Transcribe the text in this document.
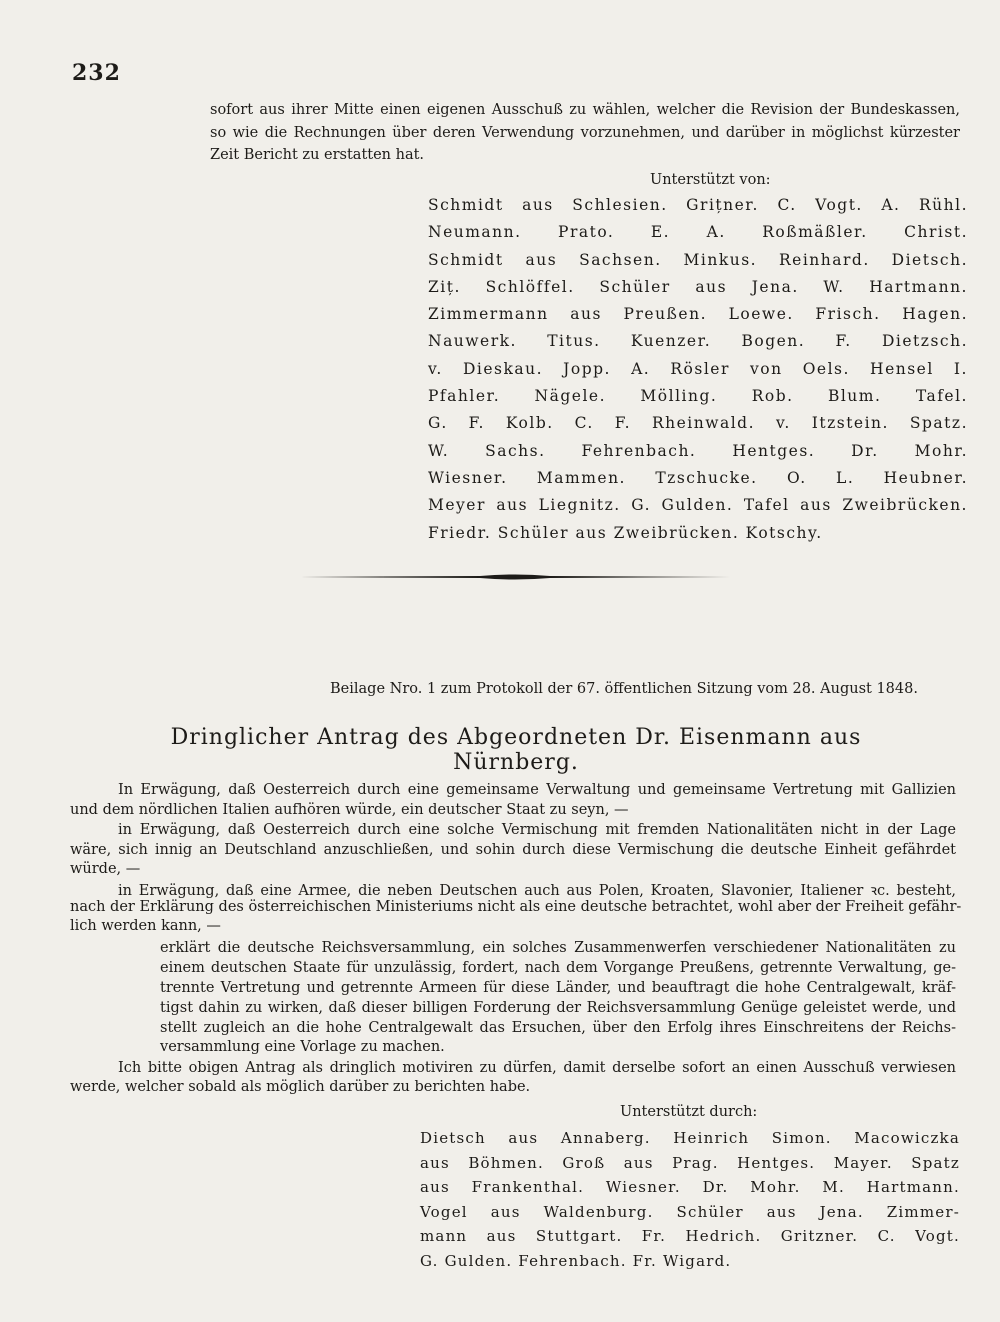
232
sofort aus ihrer Mitte einen eigenen Ausschuß zu wählen, welcher die Revision der Bundeskassen,
so wie die Rechnungen über deren Verwendung vorzunehmen, und darüber in möglichst kürzester
Zeit Bericht zu erstatten hat.
Unterstützt von:
Schmidt aus Schlesien. Grițner. C. Vogt. A. Rühl.
Neumann. Prato. E. A. Roßmäßler. Christ.
Schmidt aus Sachsen. Minkus. Reinhard. Dietsch.
Ziț. Schlöffel. Schüler aus Jena. W. Hartmann.
Zimmermann aus Preußen. Loewe. Frisch. Hagen.
Nauwerk. Titus. Kuenzer. Bogen. F. Dietzsch.
v. Dieskau. Jopp. A. Rösler von Oels. Hensel I.
Pfahler. Nägele. Mölling. Rob. Blum. Tafel.
G. F. Kolb. C. F. Rheinwald. v. Itzstein. Spatz.
W. Sachs. Fehrenbach. Hentges. Dr. Mohr.
Wiesner. Mammen. Tzschucke. O. L. Heubner.
Meyer aus Liegnitz. G. Gulden. Tafel aus Zweibrücken.
Friedr. Schüler aus Zweibrücken. Kotschy.
Beilage Nro. 1 zum Protokoll der 67. öffentlichen Sitzung vom 28. August 1848.
Dringlicher Antrag des Abgeordneten Dr. Eisenmann aus Nürnberg.
In Erwägung, daß Oesterreich durch eine gemeinsame Verwaltung und gemeinsame Vertretung mit Gallizien
und dem nördlichen Italien aufhören würde, ein deutscher Staat zu seyn, —
in Erwägung, daß Oesterreich durch eine solche Vermischung mit fremden Nationalitäten nicht in der Lage
wäre, sich innig an Deutschland anzuschließen, und sohin durch diese Vermischung die deutsche Einheit gefährdet
würde, —
in Erwägung, daß eine Armee, die neben Deutschen auch aus Polen, Kroaten, Slavonier, Italiener ꝛc. besteht,
nach der Erklärung des österreichischen Ministeriums nicht als eine deutsche betrachtet, wohl aber der Freiheit gefähr-
lich werden kann, —
erklärt die deutsche Reichsversammlung, ein solches Zusammenwerfen verschiedener Nationalitäten zu
einem deutschen Staate für unzulässig, fordert, nach dem Vorgange Preußens, getrennte Verwaltung, ge-
trennte Vertretung und getrennte Armeen für diese Länder, und beauftragt die hohe Centralgewalt, kräf-
tigst dahin zu wirken, daß dieser billigen Forderung der Reichsversammlung Genüge geleistet werde, und
stellt zugleich an die hohe Centralgewalt das Ersuchen, über den Erfolg ihres Einschreitens der Reichs-
versammlung eine Vorlage zu machen.
Ich bitte obigen Antrag als dringlich motiviren zu dürfen, damit derselbe sofort an einen Ausschuß verwiesen
werde, welcher sobald als möglich darüber zu berichten habe.
Unterstützt durch:
Dietsch aus Annaberg. Heinrich Simon. Macowiczka
aus Böhmen. Groß aus Prag. Hentges. Mayer. Spatz
aus Frankenthal. Wiesner. Dr. Mohr. M. Hartmann.
Vogel aus Waldenburg. Schüler aus Jena. Zimmer-
mann aus Stuttgart. Fr. Hedrich. Gritzner. C. Vogt.
G. Gulden. Fehrenbach. Fr. Wigard.
